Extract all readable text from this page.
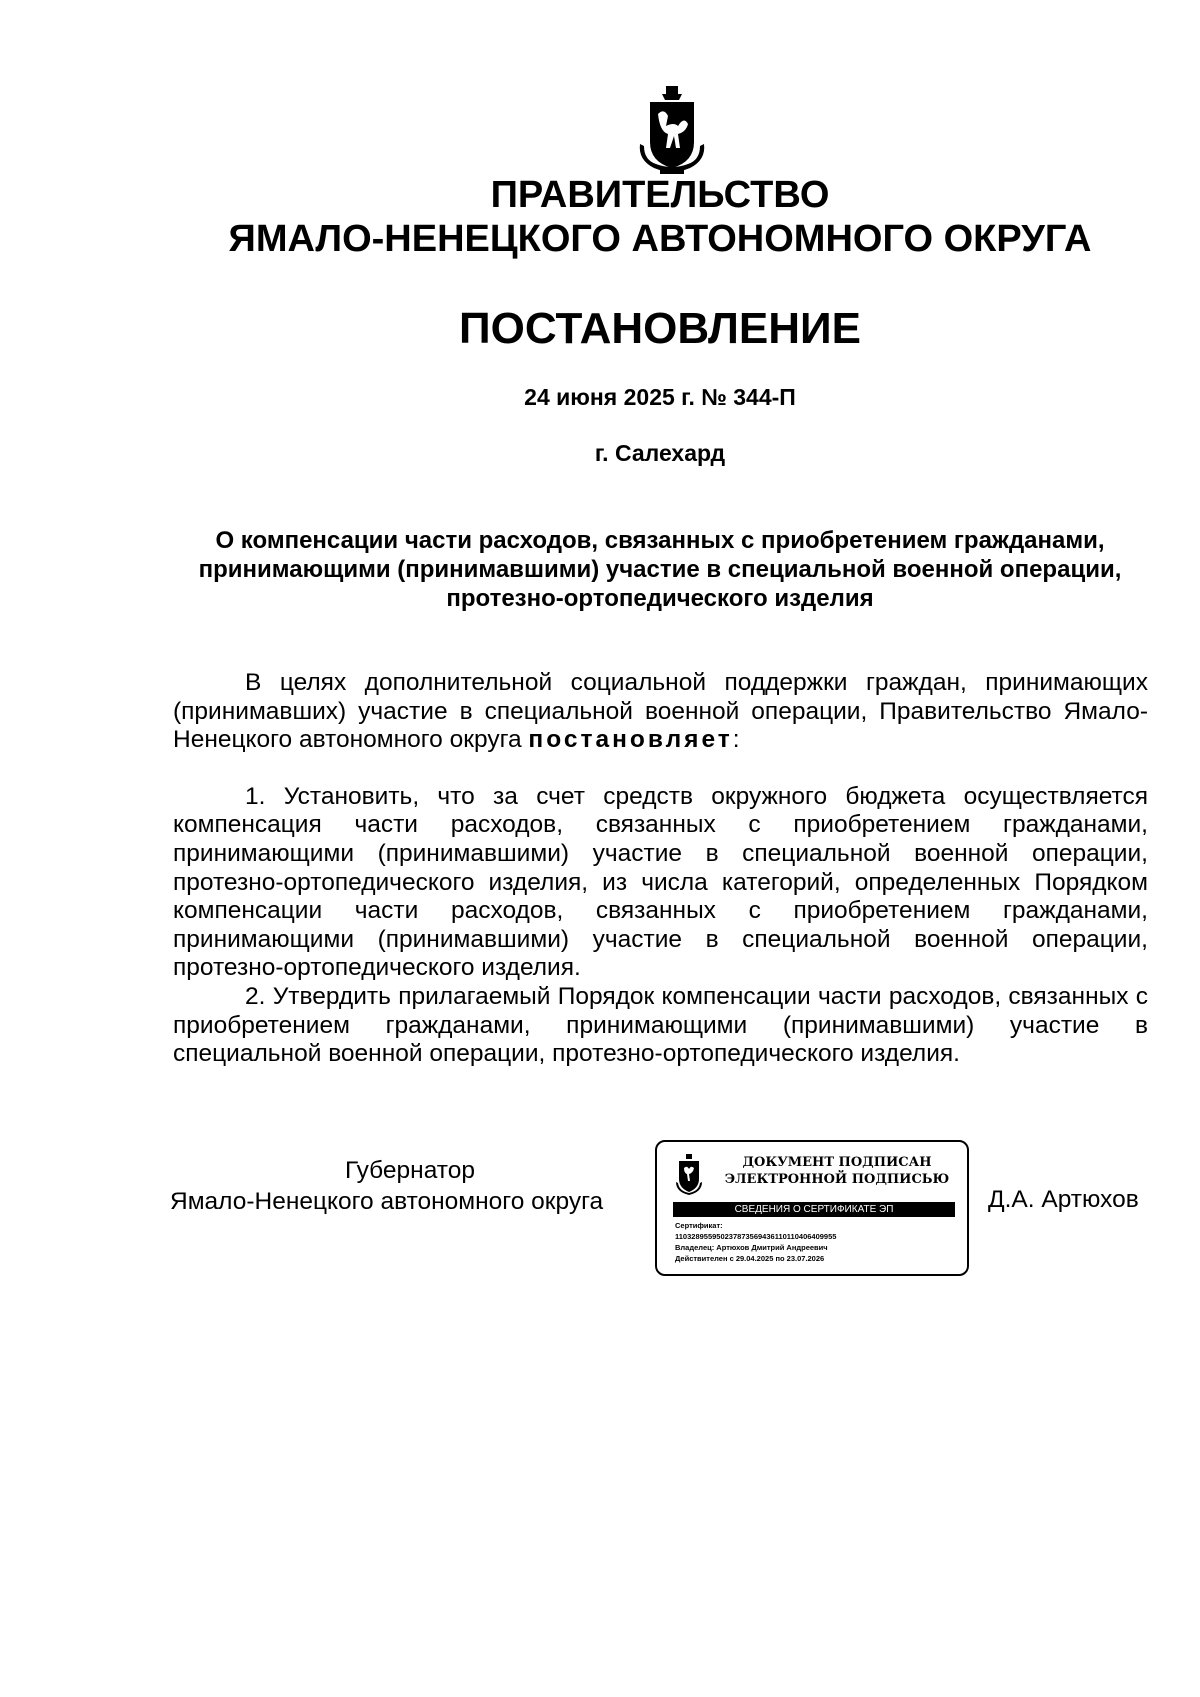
ПРАВИТЕЛЬСТВО
ЯМАЛО-НЕНЕЦКОГО АВТОНОМНОГО ОКРУГА
ПОСТАНОВЛЕНИЕ
24 июня 2025 г. № 344-П
г. Салехард
О компенсации части расходов, связанных с приобретением гражданами, принимающими (принимавшими) участие в специальной военной операции, протезно-ортопедического изделия

В целях дополнительной социальной поддержки граждан, принимающих (принимавших) участие в специальной военной операции, Правительство Ямало-Ненецкого автономного округа постановляет:

1. Установить, что за счет средств окружного бюджета осуществляется компенсация части расходов, связанных с приобретением гражданами, принимающими (принимавшими) участие в специальной военной операции, протезно-ортопедического изделия, из числа категорий, определенных Порядком компенсации части расходов, связанных с приобретением гражданами, принимающими (принимавшими) участие в специальной военной операции, протезно-ортопедического изделия.

2. Утвердить прилагаемый Порядок компенсации части расходов, связанных с приобретением гражданами, принимающими (принимавшими) участие в специальной военной операции, протезно-ортопедического изделия.

Губернатор
Ямало-Ненецкого автономного округа
ДОКУМЕНТ ПОДПИСАН
ЭЛЕКТРОННОЙ ПОДПИСЬЮ
СВЕДЕНИЯ О СЕРТИФИКАТЕ ЭП
Сертификат:
110328955950237873569436110110406409955
Владелец: Артюхов Дмитрий Андреевич
Действителен с 29.04.2025 по 23.07.2026
Д.А. Артюхов
